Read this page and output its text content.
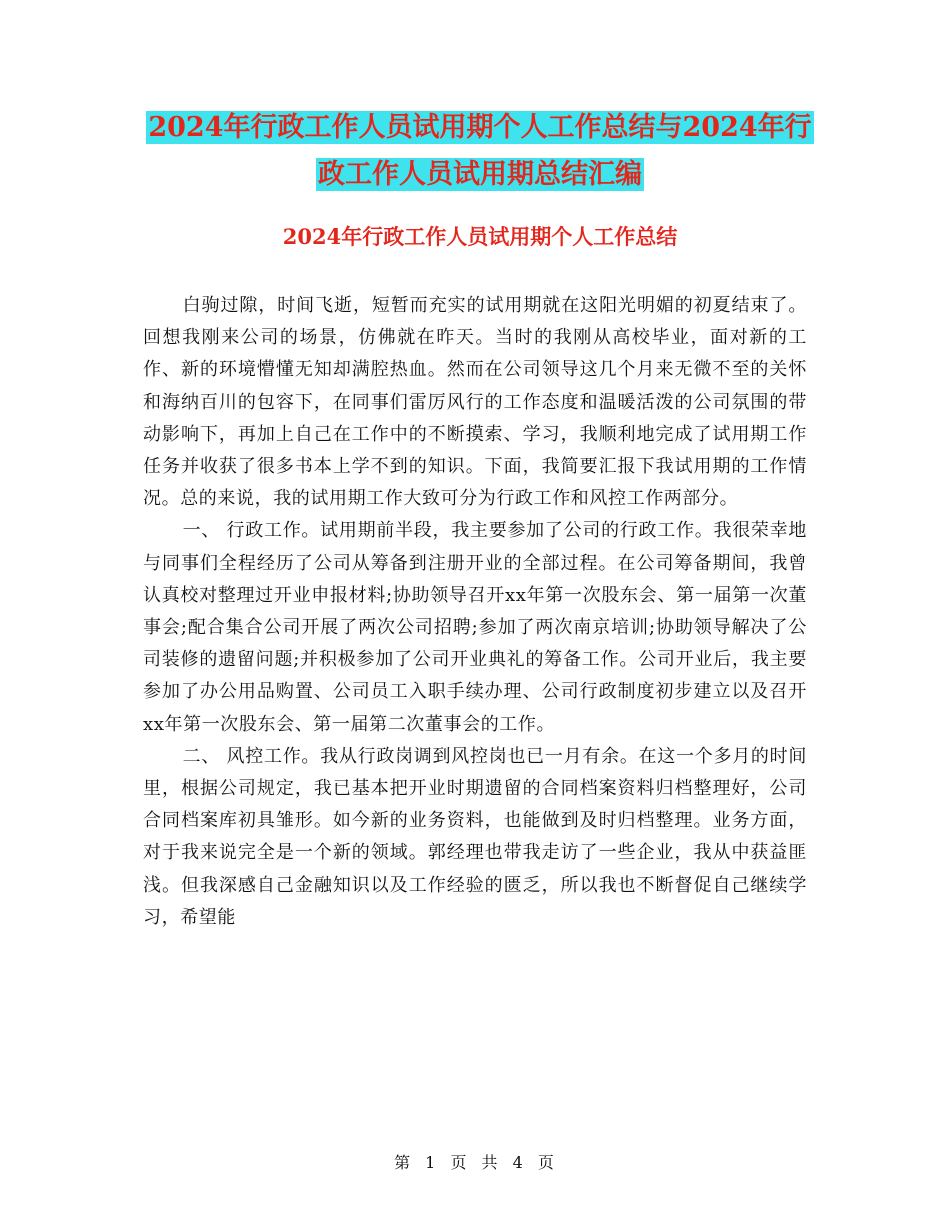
2024年行政工作人员试用期个人工作总结与2024年行
政工作人员试用期总结汇编
2024年行政工作人员试用期个人工作总结

白驹过隙，时间飞逝，短暂而充实的试用期就在这阳光明媚的初夏结束了。回想我刚来公司的场景，仿佛就在昨天。当时的我刚从高校毕业，面对新的工作、新的环境懵懂无知却满腔热血。然而在公司领导这几个月来无微不至的关怀和海纳百川的包容下，在同事们雷厉风行的工作态度和温暖活泼的公司氛围的带动影响下，再加上自己在工作中的不断摸索、学习，我顺利地完成了试用期工作任务并收获了很多书本上学不到的知识。下面，我简要汇报下我试用期的工作情况。总的来说，我的试用期工作大致可分为行政工作和风控工作两部分。

一、 行政工作。试用期前半段，我主要参加了公司的行政工作。我很荣幸地与同事们全程经历了公司从筹备到注册开业的全部过程。在公司筹备期间，我曾认真校对整理过开业申报材料;协助领导召开xx年第一次股东会、第一届第一次董事会;配合集合公司开展了两次公司招聘;参加了两次南京培训;协助领导解决了公司装修的遗留问题;并积极参加了公司开业典礼的筹备工作。公司开业后，我主要参加了办公用品购置、公司员工入职手续办理、公司行政制度初步建立以及召开xx年第一次股东会、第一届第二次董事会的工作。

二、 风控工作。我从行政岗调到风控岗也已一月有余。在这一个多月的时间里，根据公司规定，我已基本把开业时期遗留的合同档案资料归档整理好，公司合同档案库初具雏形。如今新的业务资料，也能做到及时归档整理。业务方面，对于我来说完全是一个新的领域。郭经理也带我走访了一些企业，我从中获益匪浅。但我深感自己金融知识以及工作经验的匮乏，所以我也不断督促自己继续学习，希望能

第 1 页 共 4 页
